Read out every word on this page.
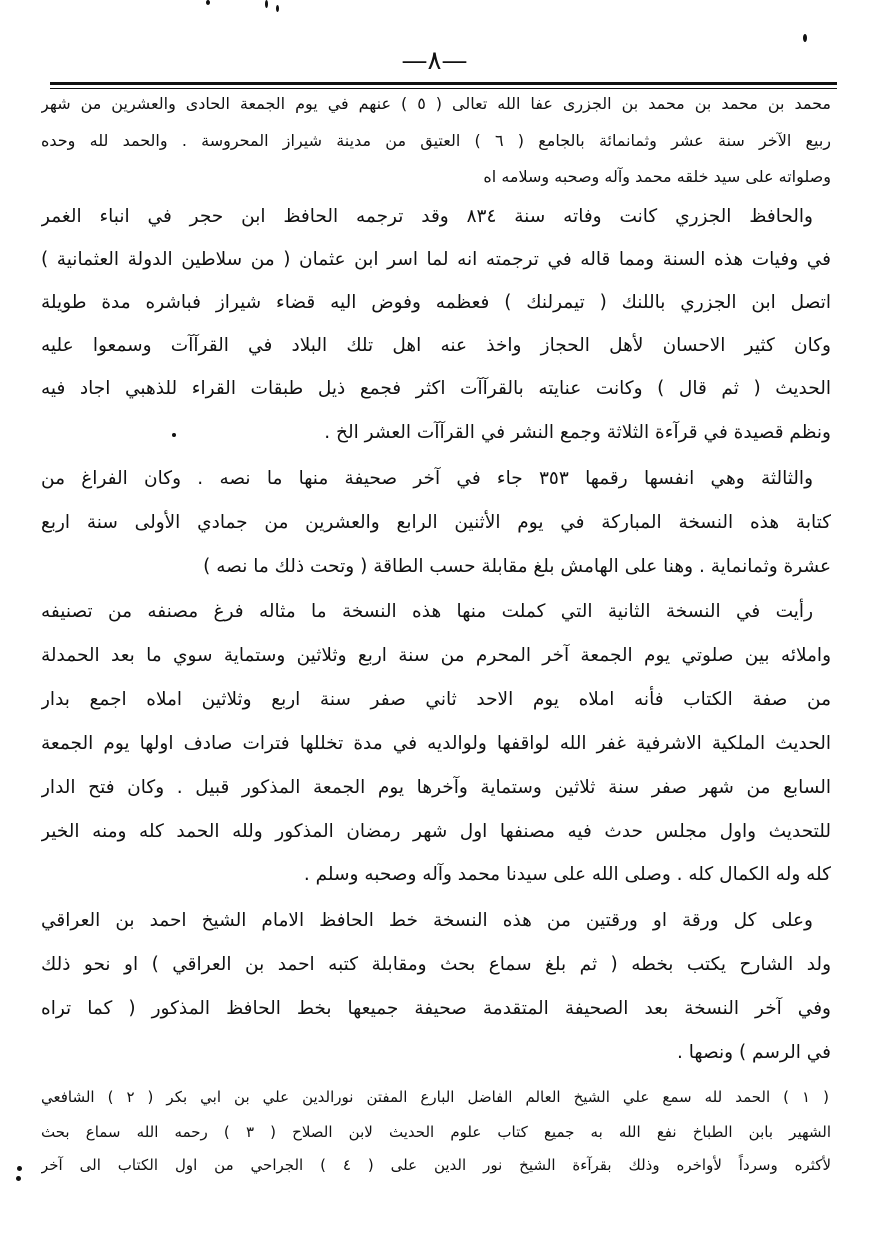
—٨—
محمد بن محمد بن محمد بن الجزرى عفا الله تعالى ( ٥ ) عنهم في يوم الجمعة الحادى والعشرين من شهر
ربيع الآخر سنة عشر وثمانمائة بالجامع ( ٦ ) العتيق من مدينة شيراز المحروسة . والحمد لله وحده
وصلواته على سيد خلقه محمد وآله وصحبه وسلامه اه
والحافظ الجزري كانت وفاته سنة ٨٣٤ وقد ترجمه الحافظ ابن حجر في انباء الغمر
في وفيات هذه السنة ومما قاله في ترجمته انه لما اسر ابن عثمان ( من سلاطين الدولة العثمانية )
اتصل ابن الجزري باللنك ( تيمرلنك ) فعظمه وفوض اليه قضاء شيراز فباشره مدة طويلة
وكان كثير الاحسان لأهل الحجاز واخذ عنه اهل تلك البلاد في القرآآت وسمعوا عليه
الحديث ( ثم قال ) وكانت عنايته بالقرآآت اكثر فجمع ذيل طبقات القراء للذهبي اجاد فيه
ونظم قصيدة في قرآءة الثلاثة وجمع النشر في القرآآت العشر الخ .
والثالثة وهي انفسها رقمها ٣٥٣ جاء في آخر صحيفة منها ما نصه . وكان الفراغ من
كتابة هذه النسخة المباركة في يوم الأثنين الرابع والعشرين من جمادي الأولى سنة اربع
عشرة وثمانماية . وهنا على الهامش بلغ مقابلة حسب الطاقة ( وتحت ذلك ما نصه )
رأيت في النسخة الثانية التي كملت منها هذه النسخة ما مثاله فرغ مصنفه من تصنيفه
واملائه بين صلوتي يوم الجمعة آخر المحرم من سنة اربع وثلاثين وستماية سوي ما بعد الحمدلة
من صفة الكتاب فأنه املاه يوم الاحد ثاني صفر سنة اربع وثلاثين املاه اجمع بدار
الحديث الملكية الاشرفية غفر الله لواقفها ولوالديه في مدة تخللها فترات صادف اولها يوم الجمعة
السابع من شهر صفر سنة ثلاثين وستماية وآخرها يوم الجمعة المذكور قبيل . وكان فتح الدار
للتحديث واول مجلس حدث فيه مصنفها اول شهر رمضان المذكور ولله الحمد كله ومنه الخير
كله وله الكمال كله . وصلى الله على سيدنا محمد وآله وصحبه وسلم .
وعلى كل ورقة او ورقتين من هذه النسخة خط الحافظ الامام الشيخ احمد بن العراقي
ولد الشارح يكتب بخطه ( ثم بلغ سماع بحث ومقابلة كتبه احمد بن العراقي ) او نحو ذلك
وفي آخر النسخة بعد الصحيفة المتقدمة صحيفة جميعها بخط الحافظ المذكور ( كما تراه
في الرسم ) ونصها .
( ١ ) الحمد لله سمع علي الشيخ العالم الفاضل البارع المفتن نورالدين علي بن ابي بكر ( ٢ ) الشافعي
الشهير بابن الطباخ نفع الله به جميع كتاب علوم الحديث لابن الصلاح ( ٣ ) رحمه الله سماع بحث
لأكثره وسرداً لأواخره وذلك بقرآءة الشيخ نور الدين على ( ٤ ) الجراحي من اول الكتاب الى آخر
